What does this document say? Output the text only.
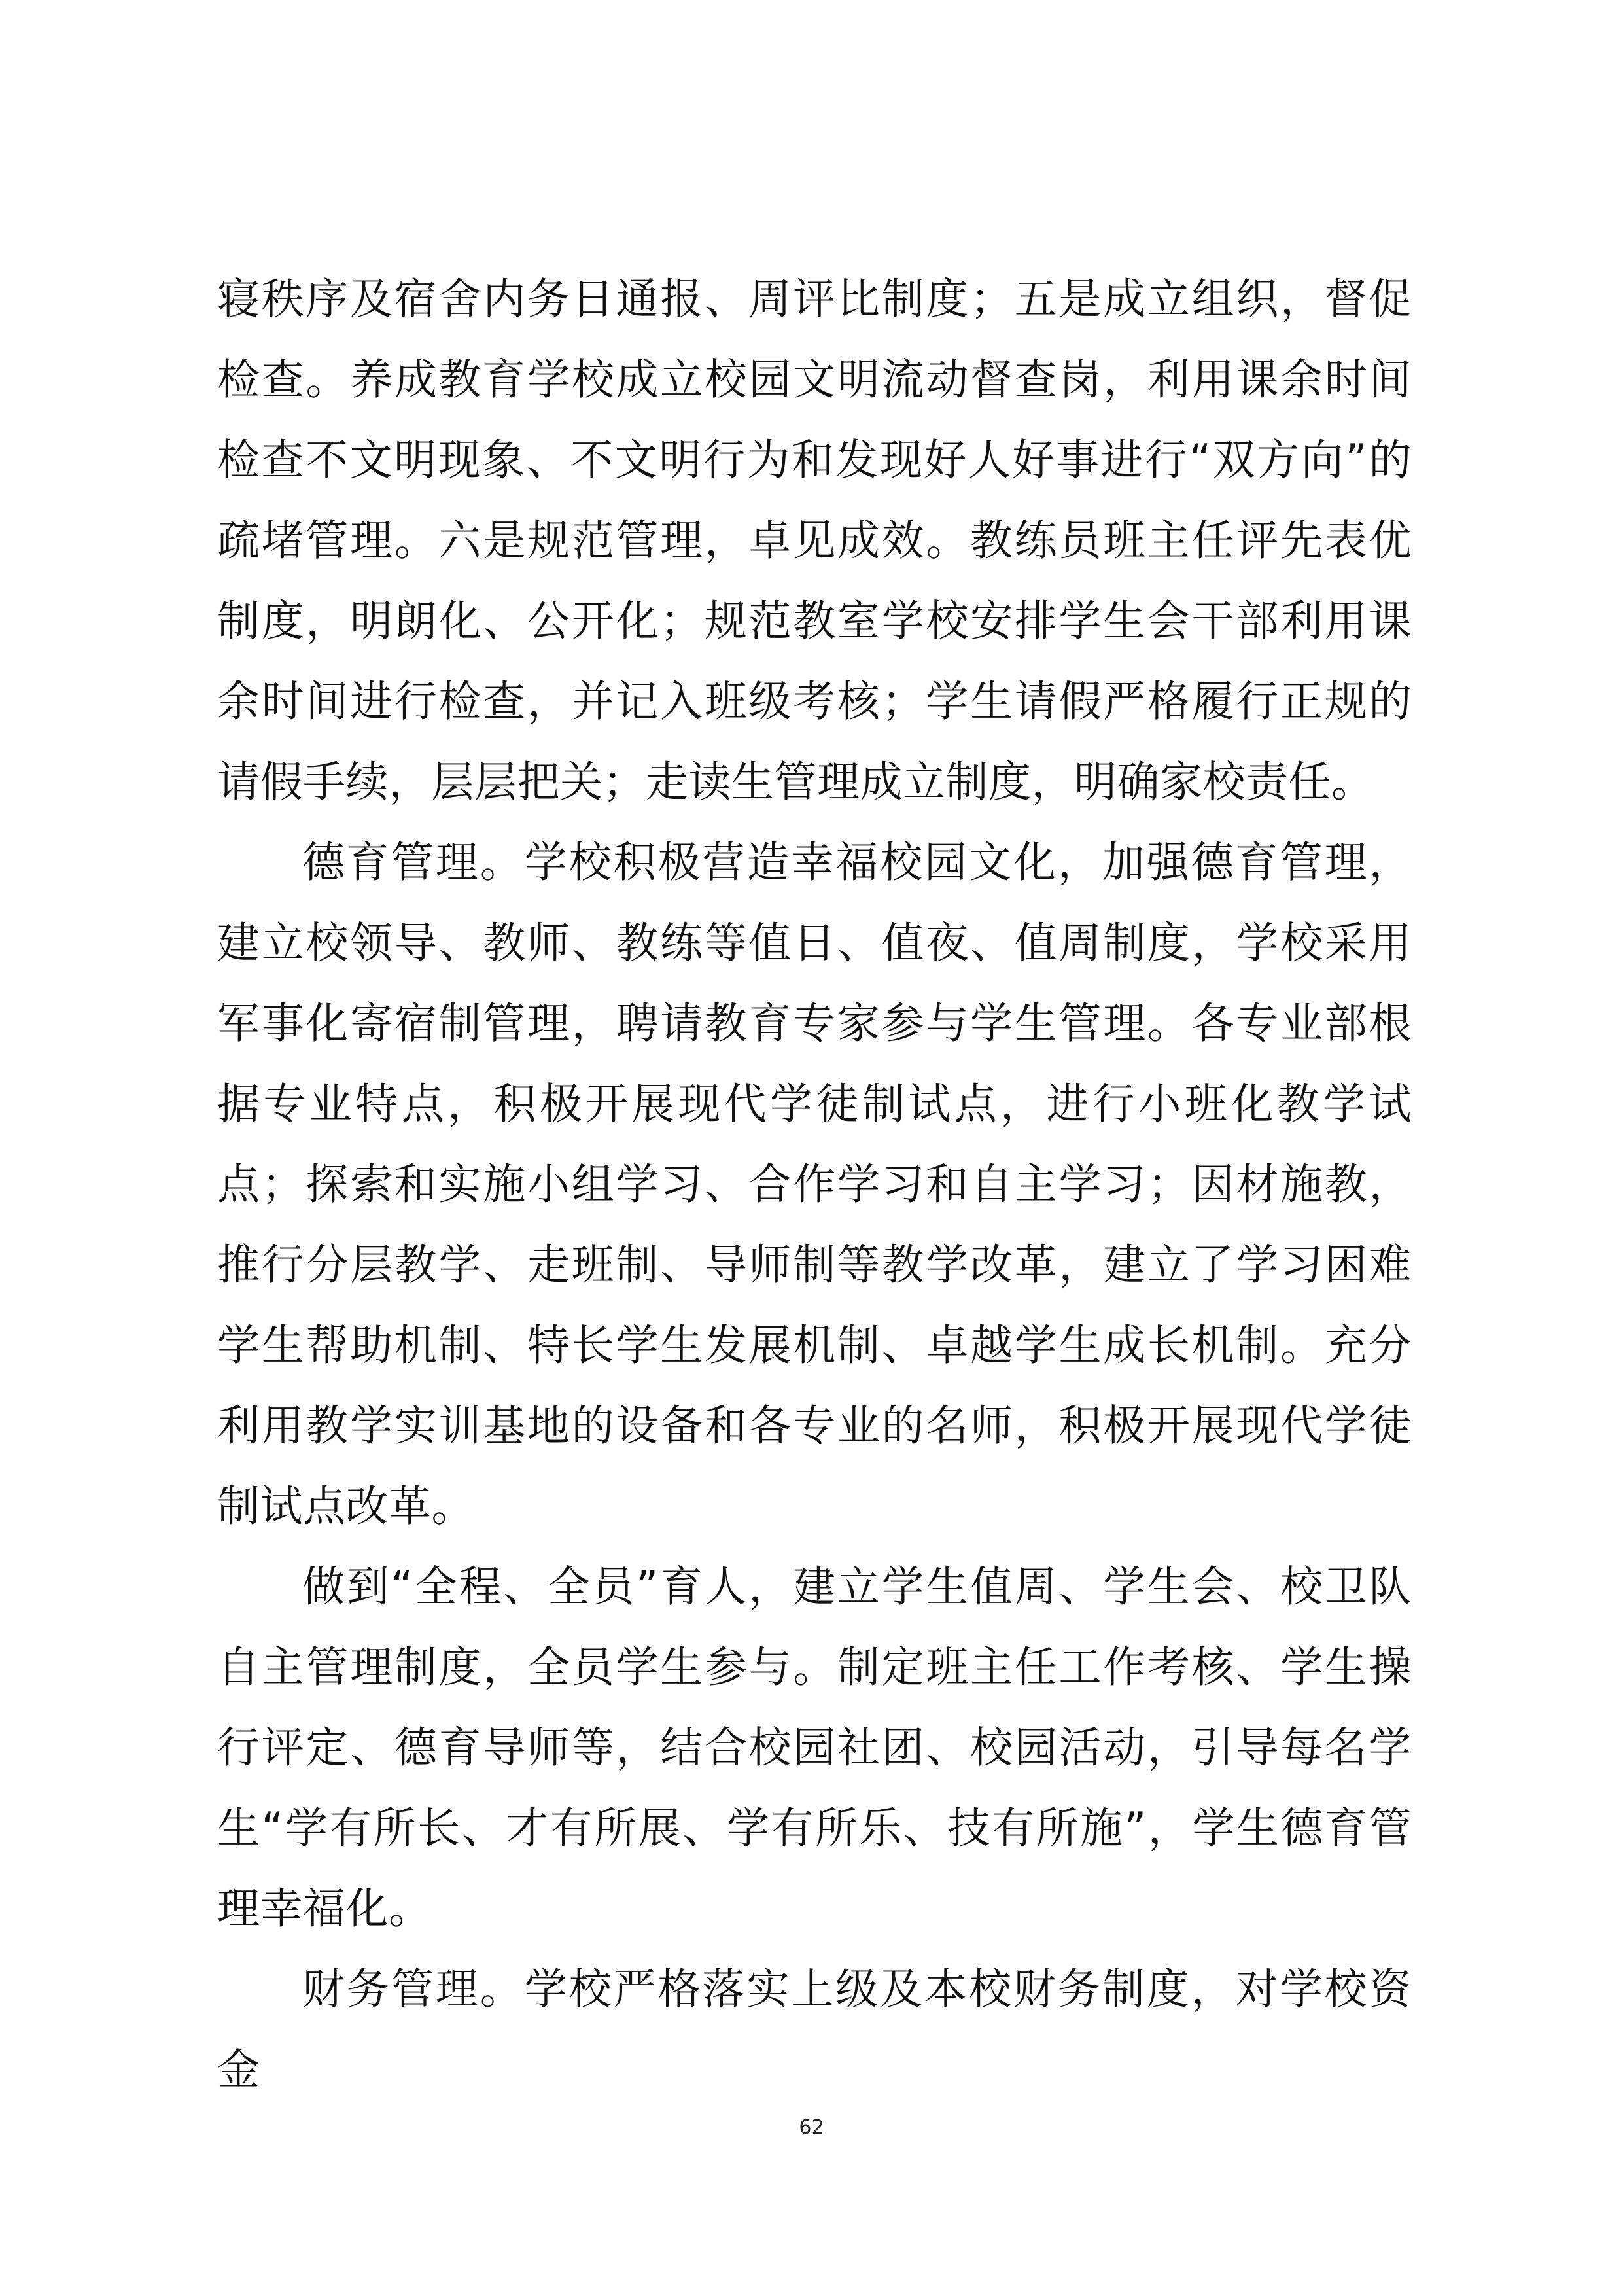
寝秩序及宿舍内务日通报、周评比制度；五是成立组织，督促检查。养成教育学校成立校园文明流动督查岗，利用课余时间检查不文明现象、不文明行为和发现好人好事进行“双方向”的疏堵管理。六是规范管理，卓见成效。教练员班主任评先表优制度，明朗化、公开化；规范教室学校安排学生会干部利用课余时间进行检查，并记入班级考核；学生请假严格履行正规的请假手续，层层把关；走读生管理成立制度，明确家校责任。

德育管理。学校积极营造幸福校园文化，加强德育管理，建立校领导、教师、教练等值日、值夜、值周制度，学校采用军事化寄宿制管理，聘请教育专家参与学生管理。各专业部根据专业特点，积极开展现代学徒制试点，进行小班化教学试点；探索和实施小组学习、合作学习和自主学习；因材施教，推行分层教学、走班制、导师制等教学改革，建立了学习困难学生帮助机制、特长学生发展机制、卓越学生成长机制。充分利用教学实训基地的设备和各专业的名师，积极开展现代学徒制试点改革。

做到“全程、全员”育人，建立学生值周、学生会、校卫队自主管理制度，全员学生参与。制定班主任工作考核、学生操行评定、德育导师等，结合校园社团、校园活动，引导每名学生“学有所长、才有所展、学有所乐、技有所施”，学生德育管理幸福化。

财务管理。学校严格落实上级及本校财务制度，对学校资金

62
